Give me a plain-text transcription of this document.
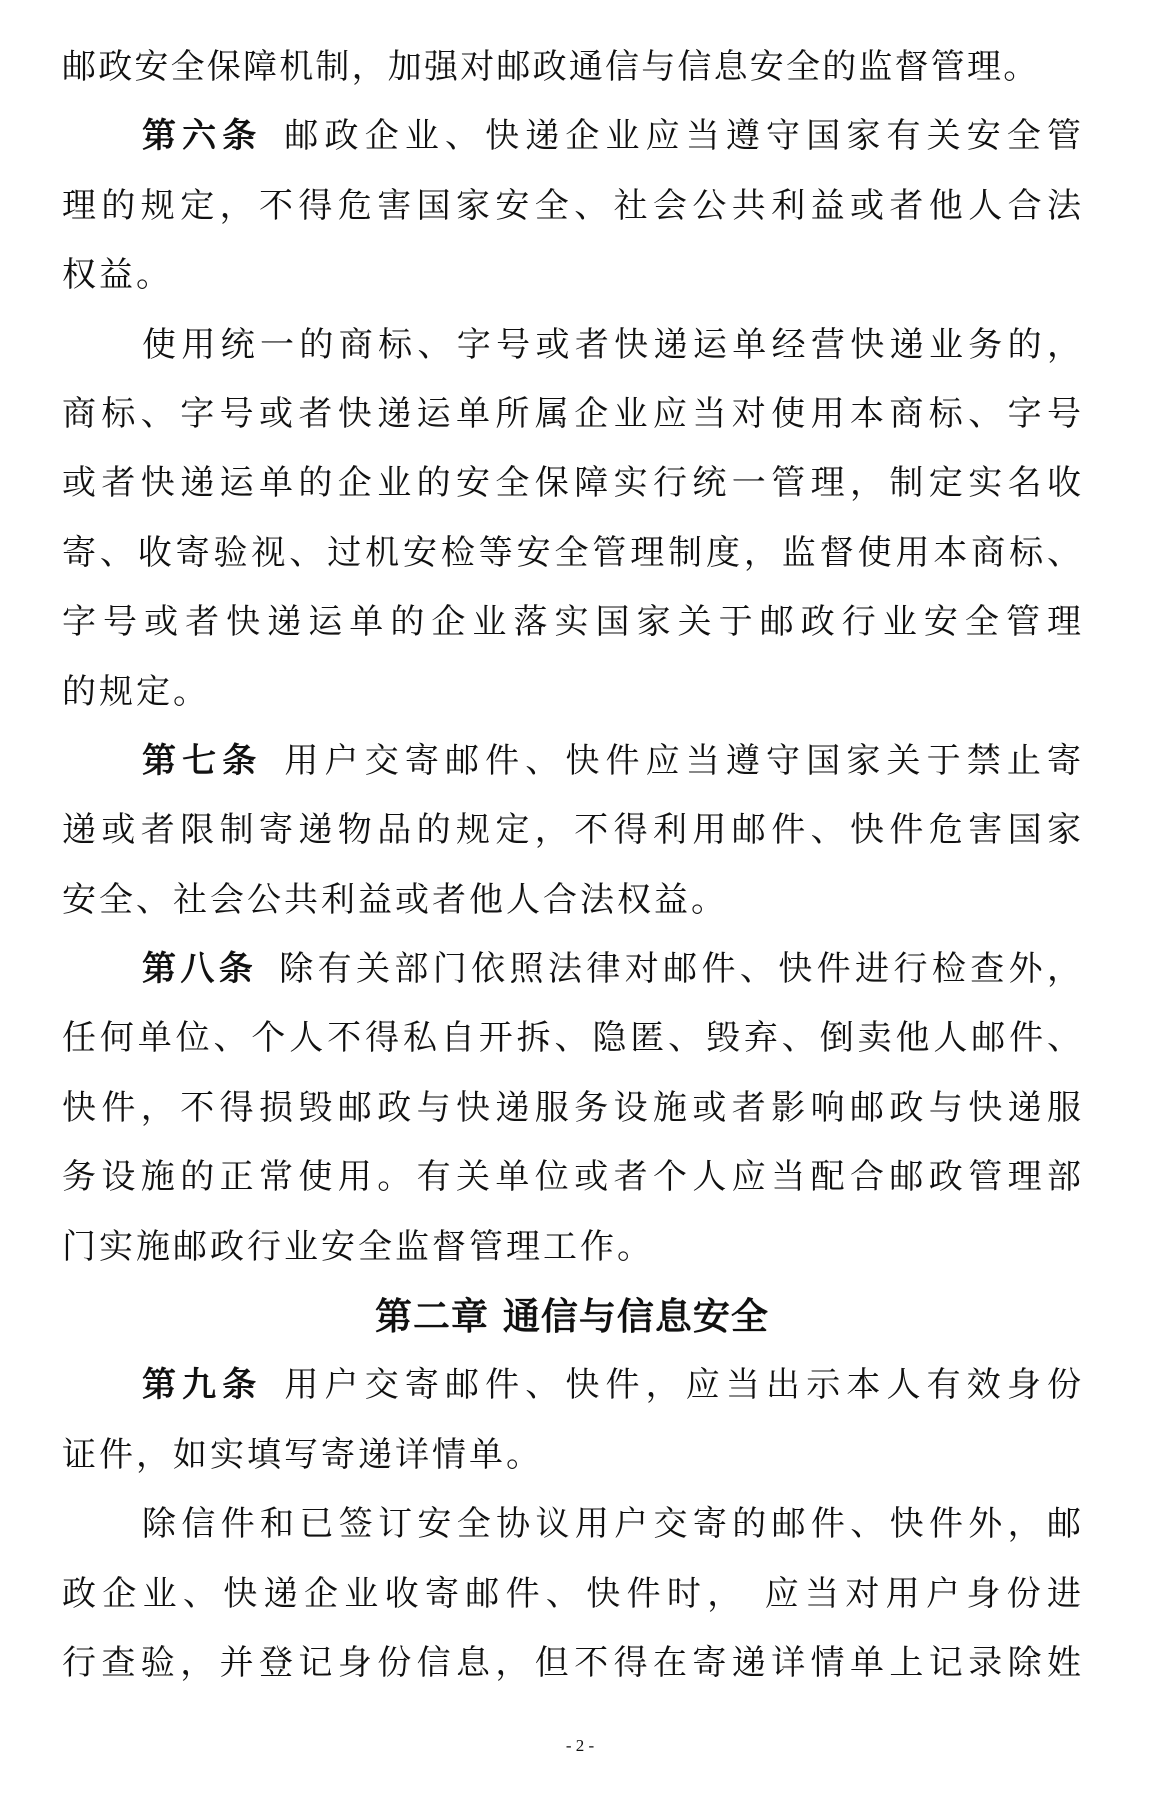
邮政安全保障机制，加强对邮政通信与信息安全的监督管理。
第六条 邮政企业、快递企业应当遵守国家有关安全管
理的规定，不得危害国家安全、社会公共利益或者他人合法
权益。
使用统一的商标、字号或者快递运单经营快递业务的，
商标、字号或者快递运单所属企业应当对使用本商标、字号
或者快递运单的企业的安全保障实行统一管理，制定实名收
寄、收寄验视、过机安检等安全管理制度，监督使用本商标、
字号或者快递运单的企业落实国家关于邮政行业安全管理
的规定。
第七条 用户交寄邮件、快件应当遵守国家关于禁止寄
递或者限制寄递物品的规定，不得利用邮件、快件危害国家
安全、社会公共利益或者他人合法权益。
第八条 除有关部门依照法律对邮件、快件进行检查外，
任何单位、个人不得私自开拆、隐匿、毁弃、倒卖他人邮件、
快件，不得损毁邮政与快递服务设施或者影响邮政与快递服
务设施的正常使用。有关单位或者个人应当配合邮政管理部
门实施邮政行业安全监督管理工作。
第二章 通信与信息安全
第九条 用户交寄邮件、快件，应当出示本人有效身份
证件，如实填写寄递详情单。
除信件和已签订安全协议用户交寄的邮件、快件外，邮
政企业、快递企业收寄邮件、快件时， 应当对用户身份进
行查验，并登记身份信息，但不得在寄递详情单上记录除姓
- 2 -
